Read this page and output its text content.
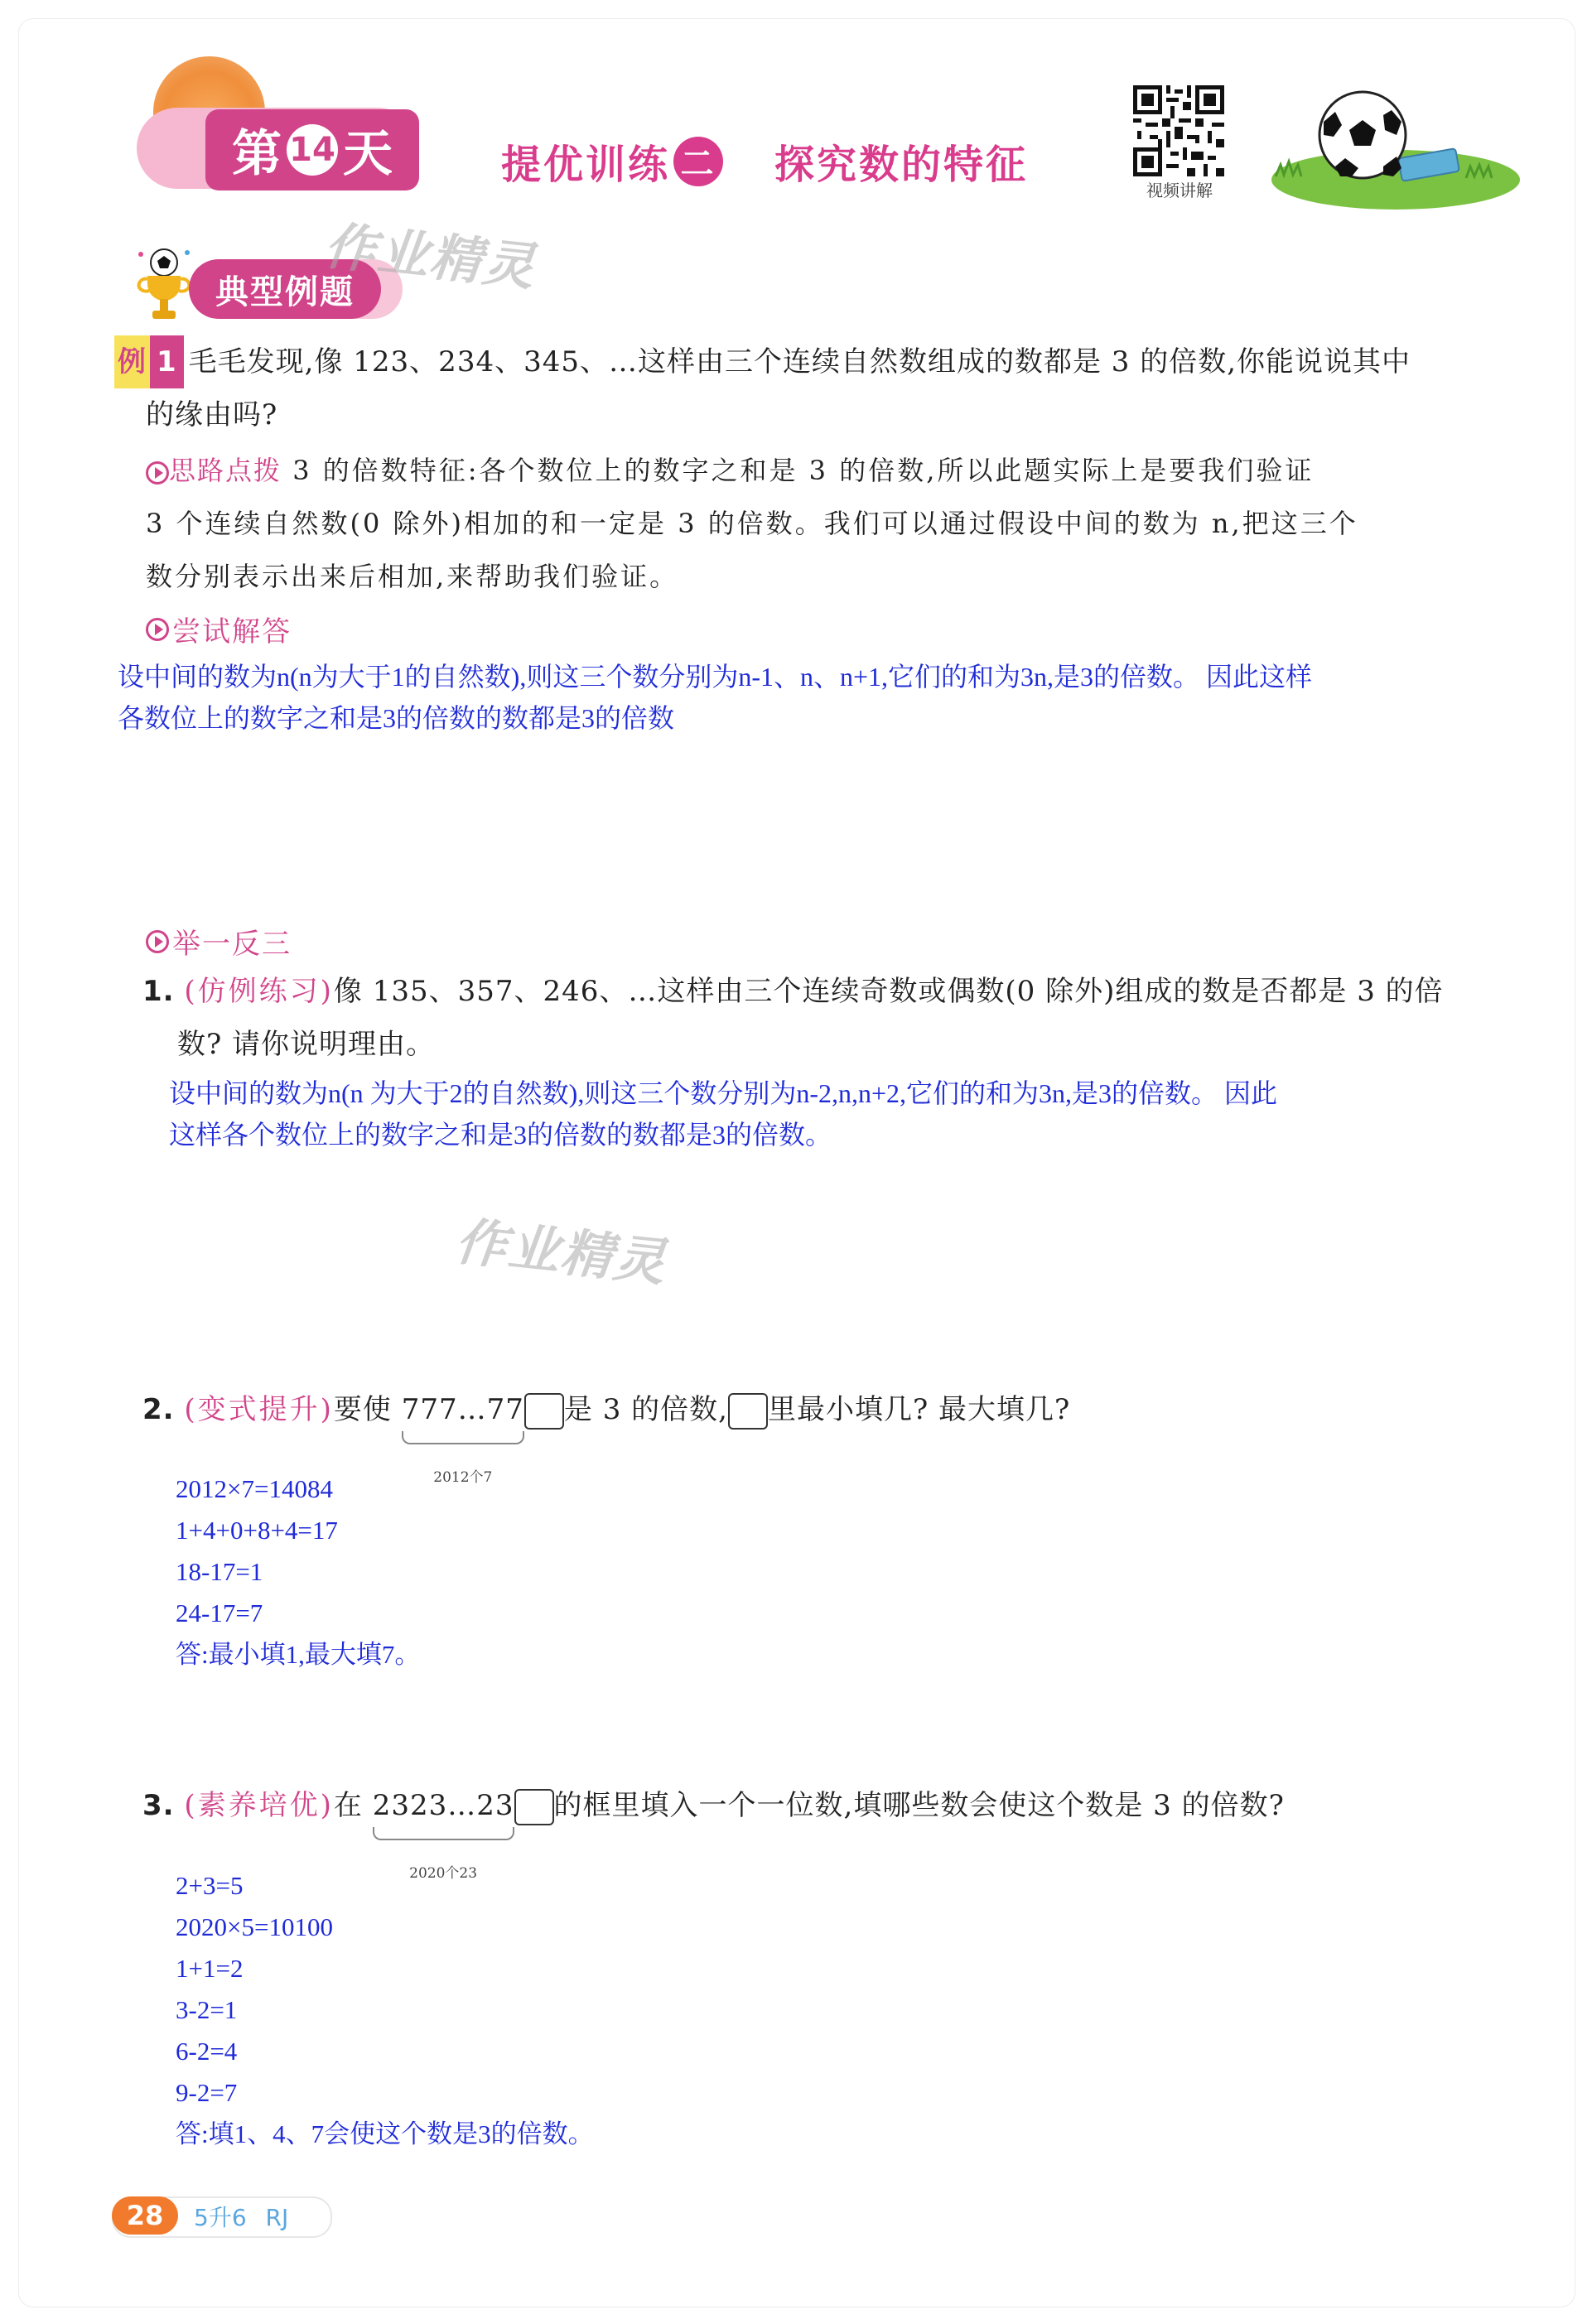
第 14 天	提优训练 二 探究数的特征
视频讲解
典型例题
作业精灵
例 1 毛毛发现,像 123、234、345、…这样由三个连续自然数组成的数都是 3 的倍数,你能说说其中
的缘由吗?
思路点拨 3 的倍数特征:各个数位上的数字之和是 3 的倍数,所以此题实际上是要我们验证
3 个连续自然数(0 除外)相加的和一定是 3 的倍数。我们可以通过假设中间的数为 n,把这三个
数分别表示出来后相加,来帮助我们验证。
尝试解答
设中间的数为n(n为大于1的自然数),则这三个数分别为n-1、n、n+1,它们的和为3n,是3的倍数。 因此这样
各数位上的数字之和是3的倍数的数都是3的倍数
举一反三
1. (仿例练习)像 135、357、246、…这样由三个连续奇数或偶数(0 除外)组成的数是否都是 3 的倍
数? 请你说明理由。
设中间的数为n(n 为大于2的自然数),则这三个数分别为n-2,n,n+2,它们的和为3n,是3的倍数。 因此
这样各个数位上的数字之和是3的倍数的数都是3的倍数。
作业精灵
2. (变式提升)要使 777…77
2012个7
是 3 的倍数, 里最小填几? 最大填几?
2012×7=14084
1+4+0+8+4=17
18-17=1
24-17=7
答:最小填1,最大填7。
3. (素养培优)在 2323…23
2020个23
的框里填入一个一位数,填哪些数会使这个数是 3 的倍数?
2+3=5
2020×5=10100
1+1=2
3-2=1
6-2=4
9-2=7
答:填1、4、7会使这个数是3的倍数。
28	5升6 RJ
